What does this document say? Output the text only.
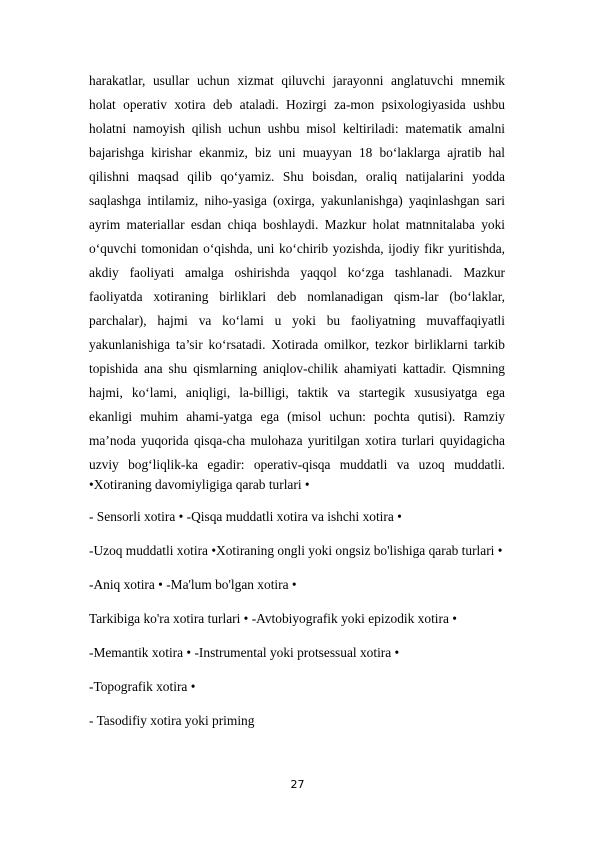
harakatlar, usullar uchun xizmat qiluvchi jarayonni anglatuvchi mnemik
holat operativ xotira deb ataladi. Hozirgi za-mon psixologiyasida ushbu
holatni namoyish qilish uchun ushbu misol keltiriladi: matematik amalni
bajarishga kirishar ekanmiz, biz uni muayyan 18 bo‘laklarga ajratib hal
qilishni maqsad qilib qo‘yamiz. Shu boisdan, oraliq natijalarini yodda
saqlashga intilamiz, niho-yasiga (oxirga, yakunlanishga) yaqinlashgan sari
ayrim materiallar esdan chiqa boshlaydi. Mazkur holat matnnitalaba yoki
o‘quvchi tomonidan o‘qishda, uni ko‘chirib yozishda, ijodiy fikr yuritishda,
akdiy faoliyati amalga oshirishda yaqqol ko‘zga tashlanadi. Mazkur
faoliyatda xotiraning birliklari deb nomlanadigan qism-lar (bo‘laklar,
parchalar), hajmi va ko‘lami u yoki bu faoliyatning muvaffaqiyatli
yakunlanishiga ta’sir ko‘rsatadi. Xotirada omilkor, tezkor birliklarni tarkib
topishida ana shu qismlarning aniqlov-chilik ahamiyati kattadir. Qismning
hajmi, ko‘lami, aniqligi, la-billigi, taktik va startegik xususiyatga ega
ekanligi muhim ahami-yatga ega (misol uchun: pochta qutisi). Ramziy
ma’noda yuqorida qisqa-cha mulohaza yuritilgan xotira turlari quyidagicha
uzviy bog‘liqlik-ka egadir: operativ-qisqa muddatli va uzoq muddatli.
•Xotiraning davomiyligiga qarab turlari •
- Sensorli xotira • -Qisqa muddatli xotira va ishchi xotira •
-Uzoq muddatli xotira •Xotiraning ongli yoki ongsiz bo'lishiga qarab turlari •
-Aniq xotira • -Ma'lum bo'lgan xotira •
Tarkibiga ko'ra xotira turlari • -Avtobiyografik yoki epizodik xotira •
-Memantik xotira • -Instrumental yoki protsessual xotira •
-Topografik xotira •
- Tasodifiy xotira yoki priming
27
